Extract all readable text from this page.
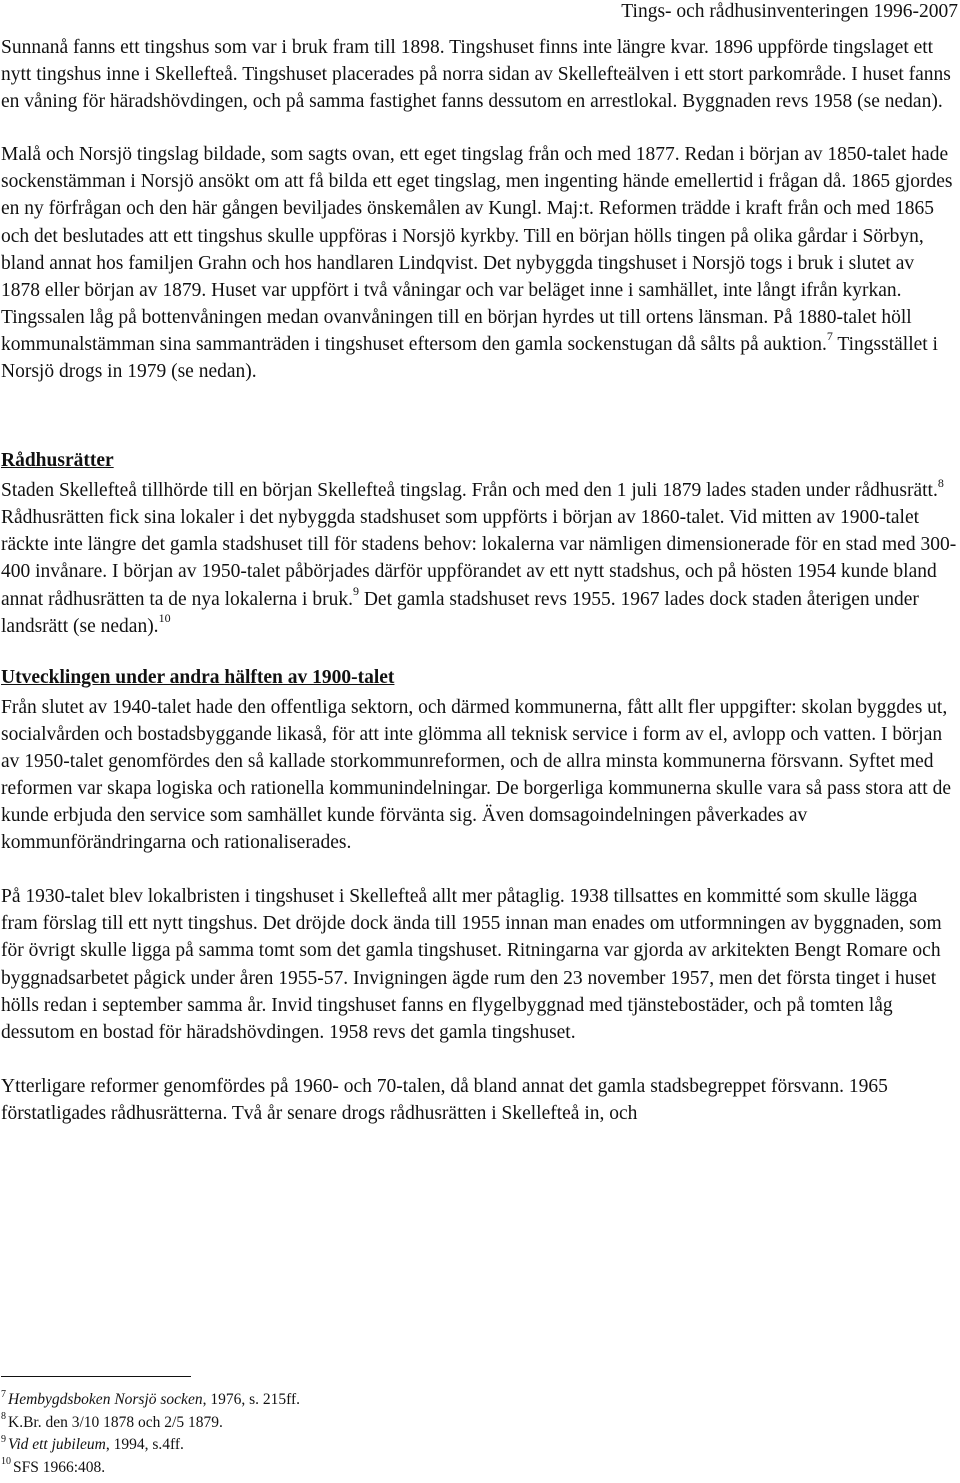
Tings- och rådhusinventeringen 1996-2007

Sunnanå fanns ett tingshus som var i bruk fram till 1898. Tingshuset finns inte längre kvar. 1896 uppförde tingslaget ett nytt tingshus inne i Skellefteå. Tingshuset placerades på norra sidan av Skellefteälven i ett stort parkområde. I huset fanns en våning för häradshövdingen, och på samma fastighet fanns dessutom en arrestlokal. Byggnaden revs 1958 (se nedan).

Malå och Norsjö tingslag bildade, som sagts ovan, ett eget tingslag från och med 1877. Redan i början av 1850-talet hade sockenstämman i Norsjö ansökt om att få bilda ett eget tingslag, men ingenting hände emellertid i frågan då. 1865 gjordes en ny förfrågan och den här gången beviljades önskemålen av Kungl. Maj:t. Reformen trädde i kraft från och med 1865 och det beslutades att ett tingshus skulle uppföras i Norsjö kyrkby. Till en början hölls tingen på olika gårdar i Sörbyn, bland annat hos familjen Grahn och hos handlaren Lindqvist. Det nybyggda tingshuset i Norsjö togs i bruk i slutet av 1878 eller början av 1879. Huset var uppfört i två våningar och var beläget inne i samhället, inte långt ifrån kyrkan. Tingssalen låg på bottenvåningen medan ovanvåningen till en början hyrdes ut till ortens länsman. På 1880-talet höll kommunalstämman sina sammanträden i tingshuset eftersom den gamla sockenstugan då sålts på auktion.$^7$ Tingsstället i Norsjö drogs in 1979 (se nedan).

Rådhusrätter

Staden Skellefteå tillhörde till en början Skellefteå tingslag. Från och med den 1 juli 1879 lades staden under rådhusrätt.$^8$ Rådhusrätten fick sina lokaler i det nybyggda stadshuset som uppförts i början av 1860-talet. Vid mitten av 1900-talet räckte inte längre det gamla stadshuset till för stadens behov: lokalerna var nämligen dimensionerade för en stad med 300-400 invånare. I början av 1950-talet påbörjades därför uppförandet av ett nytt stadshus, och på hösten 1954 kunde bland annat rådhusrätten ta de nya lokalerna i bruk.$^9$ Det gamla stadshuset revs 1955. 1967 lades dock staden återigen under landsrätt (se nedan).$^{10}$

Utvecklingen under andra hälften av 1900-talet

Från slutet av 1940-talet hade den offentliga sektorn, och därmed kommunerna, fått allt fler uppgifter: skolan byggdes ut, socialvården och bostadsbyggande likaså, för att inte glömma all teknisk service i form av el, avlopp och vatten. I början av 1950-talet genomfördes den så kallade storkommunreformen, och de allra minsta kommunerna försvann. Syftet med reformen var skapa logiska och rationella kommunindelningar. De borgerliga kommunerna skulle vara så pass stora att de kunde erbjuda den service som samhället kunde förvänta sig. Även domsagoindelningen påverkades av kommunförändringarna och rationaliserades.

På 1930-talet blev lokalbristen i tingshuset i Skellefteå allt mer påtaglig. 1938 tillsattes en kommitté som skulle lägga fram förslag till ett nytt tingshus. Det dröjde dock ända till 1955 innan man enades om utformningen av byggnaden, som för övrigt skulle ligga på samma tomt som det gamla tingshuset. Ritningarna var gjorda av arkitekten Bengt Romare och byggnadsarbetet pågick under åren 1955-57. Invigningen ägde rum den 23 november 1957, men det första tinget i huset hölls redan i september samma år. Invid tingshuset fanns en flygelbyggnad med tjänstebostäder, och på tomten låg dessutom en bostad för häradshövdingen. 1958 revs det gamla tingshuset.

Ytterligare reformer genomfördes på 1960- och 70-talen, då bland annat det gamla stadsbegreppet försvann. 1965 förstatligades rådhusrätterna. Två år senare drogs rådhusrätten i Skellefteå in, och

$^7$ Hembygdsboken Norsjö socken, 1976, s. 215ff.
$^8$ K.Br. den 3/10 1878 och 2/5 1879.
$^9$ Vid ett jubileum, 1994, s.4ff.
$^{10}$ SFS 1966:408.
